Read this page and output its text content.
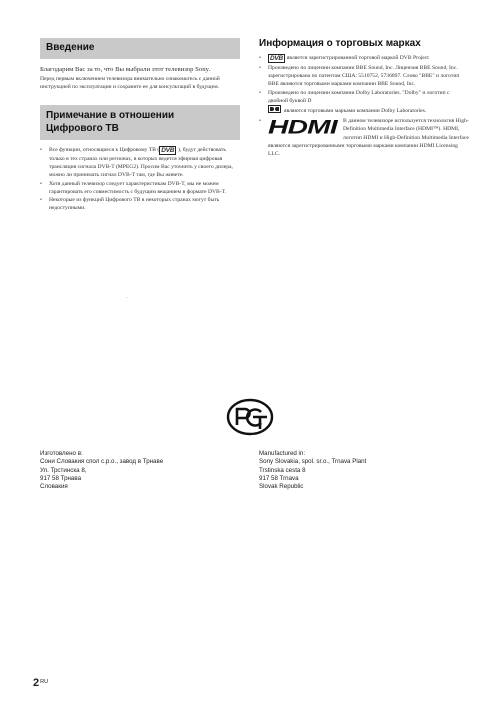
Введение

Благодарим Вас за то, что Вы выбрали этот телевизор Sony.

Перед первым включением телевизора внимательно ознакомьтесь с данной инструкцией по эксплуатации и сохраните ее для консультаций в будущем.

Примечание в отношении
Цифрового ТВ
• Все функции, относящиеся к Цифровому ТВ ( DVB ), будут действовать только в тех странах или регионах, в которых ведется эфирная цифровая трансляция сигнала DVB-T (MPEG2). Просим Вас уточнить у своего дилера, можно ли принимать сигнал DVB-T там, где Вы живете.
• Хотя данный телевизор следует характеристикам DVB-T, мы не можем гарантировать его совместимость с будущим вещанием в формате DVB-T.
• Некоторые из функций Цифрового ТВ в некоторых странах могут быть недоступными.
Информация о торговых марках
• DVB является зарегистрированной торговой маркой DVB Project
• Произведено по лицензии компании BBE Sound, Inc. Лицензия BBE Sound, Inc. зарегистрирована по патентам США: 5510752, 5736897. Слово "BBE" и логотип BBE являются торговыми марками компании BBE Sound, Inc.
• Произведено по лицензии компании Dolby Laboratories. "Dolby" и логотип с двойной буквой D
являются торговыми марками компании Dolby Laboratories.
• HDMI В данном телевизоре используется технология High-Definition Multimedia Interface (HDMI™). HDMI, логотип HDMI и High-Definition Multimedia Interface являются зарегистрированными торговыми марками компании HDMI Licensing LLC.
РСТ
Изготовлено в:
Сони Словакия спол с.р.о., завод в Трнаве
Ул. Трстинска 8,
917 58 Трнава
Словакия
Manufactured in:
Sony Slovakia, spol. sr.o., Trnava Plant
Trstinska cesta 8
917 58 Trnava
Slovak Republic
2RU
